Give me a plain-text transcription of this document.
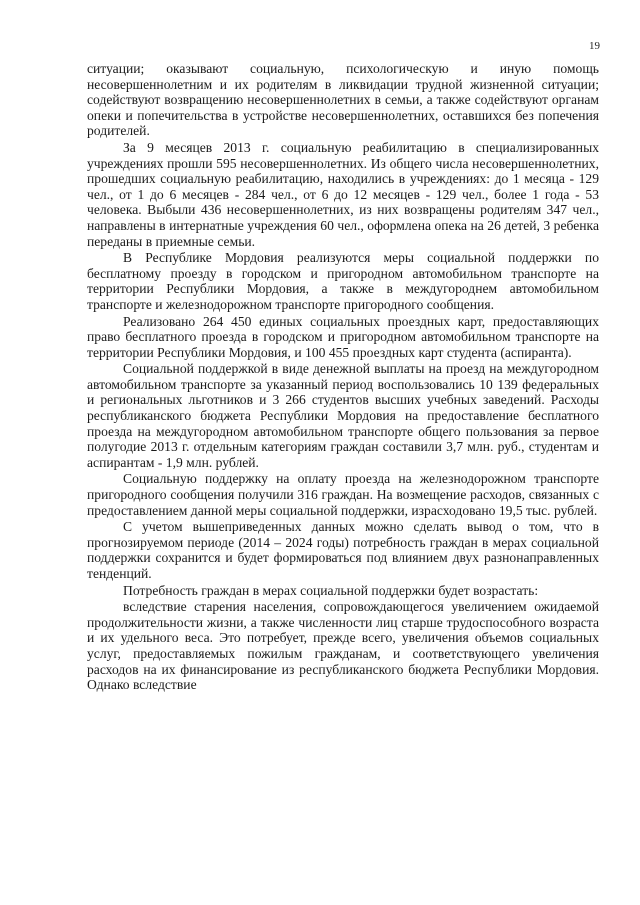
19

ситуации; оказывают социальную, психологическую и иную помощь несовершеннолетним и их родителям в ликвидации трудной жизненной ситуации; содействуют возвращению несовершеннолетних в семьи, а также содействуют органам опеки и попечительства в устройстве несовершеннолетних, оставшихся без попечения родителей.

За 9 месяцев 2013 г. социальную реабилитацию в специализированных учреждениях прошли 595 несовершеннолетних. Из общего числа несовершеннолетних, прошедших социальную реабилитацию, находились в учреждениях: до 1 месяца - 129 чел., от 1 до 6 месяцев - 284 чел., от 6 до 12 месяцев - 129 чел., более 1 года - 53 человека. Выбыли 436 несовершеннолетних, из них возвращены родителям 347 чел., направлены в интернатные учреждения 60 чел., оформлена опека на 26 детей, 3 ребенка переданы в приемные семьи.

В Республике Мордовия реализуются меры социальной поддержки по бесплатному проезду в городском и пригородном автомобильном транспорте на территории Республики Мордовия, а также в междугороднем автомобильном транспорте и железнодорожном транспорте пригородного сообщения.

Реализовано 264 450 единых социальных проездных карт, предоставляющих право бесплатного проезда в городском и пригородном автомобильном транспорте на территории Республики Мордовия, и 100 455 проездных карт студента (аспиранта).

Социальной поддержкой в виде денежной выплаты на проезд на междугородном автомобильном транспорте за указанный период воспользовались 10 139 федеральных и региональных льготников и 3 266 студентов высших учебных заведений. Расходы республиканского бюджета Республики Мордовия на предоставление бесплатного проезда на междугородном автомобильном транспорте общего пользования за первое полугодие 2013 г. отдельным категориям граждан составили 3,7 млн. руб., студентам и аспирантам - 1,9 млн. рублей.

Социальную поддержку на оплату проезда на железнодорожном транспорте пригородного сообщения получили 316 граждан. На возмещение расходов, связанных с предоставлением данной меры социальной поддержки, израсходовано 19,5 тыс. рублей.

С учетом вышеприведенных данных можно сделать вывод о том, что в прогнозируемом периоде (2014 – 2024 годы) потребность граждан в мерах социальной поддержки сохранится и будет формироваться под влиянием двух разнонаправленных тенденций.

Потребность граждан в мерах социальной поддержки будет возрастать:

вследствие старения населения, сопровождающегося увеличением ожидаемой продолжительности жизни, а также численности лиц старше трудоспособного возраста и их удельного веса. Это потребует, прежде всего, увеличения объемов социальных услуг, предоставляемых пожилым гражданам, и соответствующего увеличения расходов на их финансирование из республиканского бюджета Республики Мордовия. Однако вследствие
